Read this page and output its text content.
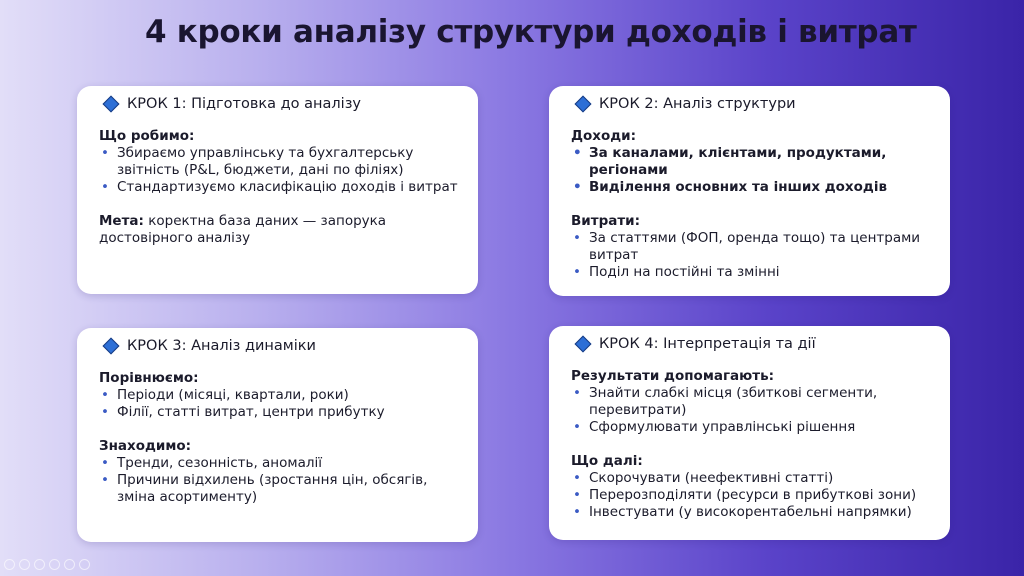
4 кроки аналізу структури доходів і витрат
КРОК 1: Підготовка до аналізу
Що робимо:
• Збираємо управлінську та бухгалтерську звітність (P&L, бюджети, дані по філіях)
• Стандартизуємо класифікацію доходів і витрат
Мета: коректна база даних — запорука достовірного аналізу
КРОК 2: Аналіз структури
Доходи:
• За каналами, клієнтами, продуктами, регіонами
• Виділення основних та інших доходів
Витрати:
• За статтями (ФОП, оренда тощо) та центрами витрат
• Поділ на постійні та змінні
КРОК 3: Аналіз динаміки
Порівнюємо:
• Періоди (місяці, квартали, роки)
• Філії, статті витрат, центри прибутку
Знаходимо:
• Тренди, сезонність, аномалії
• Причини відхилень (зростання цін, обсягів, зміна асортименту)
КРОК 4: Інтерпретація та дії
Результати допомагають:
• Знайти слабкі місця (збиткові сегменти, перевитрати)
• Сформулювати управлінські рішення
Що далі:
• Скорочувати (неефективні статті)
• Перерозподіляти (ресурси в прибуткові зони)
• Інвестувати (у високорентабельні напрямки)
